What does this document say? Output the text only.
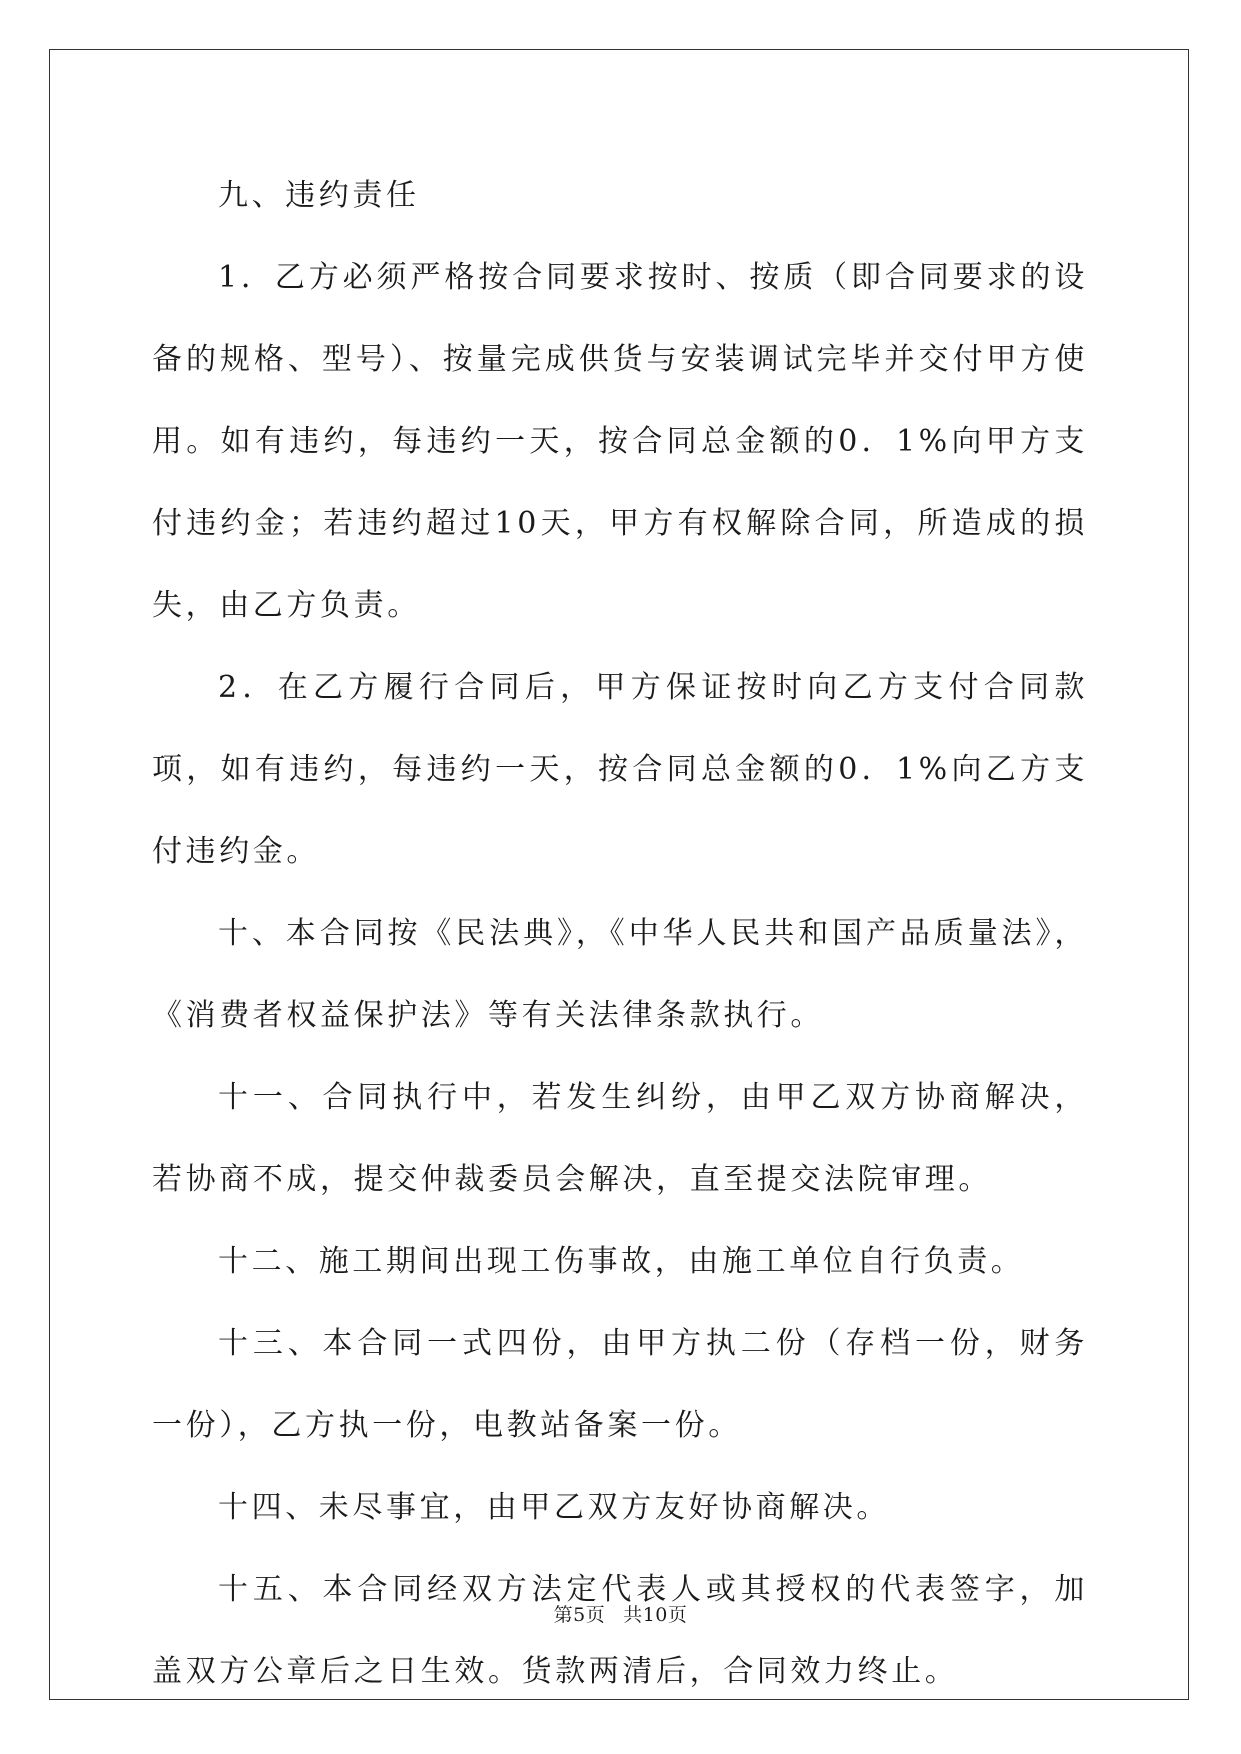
九、违约责任

1．乙方必须严格按合同要求按时、按质（即合同要求的设备的规格、型号）、按量完成供货与安装调试完毕并交付甲方使用。如有违约，每违约一天，按合同总金额的0．1%向甲方支付违约金；若违约超过10天，甲方有权解除合同，所造成的损失，由乙方负责。

2．在乙方履行合同后，甲方保证按时向乙方支付合同款项，如有违约，每违约一天，按合同总金额的0．1%向乙方支付违约金。

十、本合同按《民法典》，《中华人民共和国产品质量法》，《消费者权益保护法》等有关法律条款执行。

十一、合同执行中，若发生纠纷，由甲乙双方协商解决，若协商不成，提交仲裁委员会解决，直至提交法院审理。

十二、施工期间出现工伤事故，由施工单位自行负责。

十三、本合同一式四份，由甲方执二份（存档一份，财务一份），乙方执一份，电教站备案一份。

十四、未尽事宜，由甲乙双方友好协商解决。

十五、本合同经双方法定代表人或其授权的代表签字，加盖双方公章后之日生效。货款两清后，合同效力终止。

第5页 共10页
